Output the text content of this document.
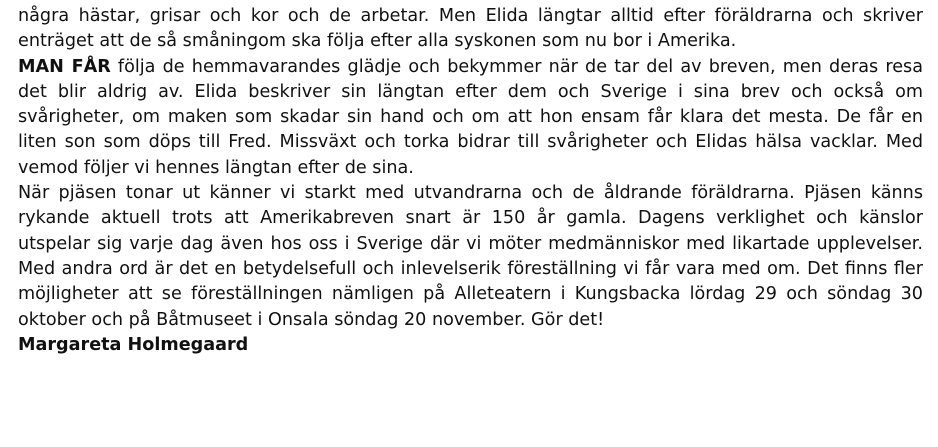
några hästar, grisar och kor och de arbetar. Men Elida längtar alltid efter föräldrarna och skriver enträget att de så småningom ska följa efter alla syskonen som nu bor i Amerika.

MAN FÅR följa de hemmavarandes glädje och bekymmer när de tar del av breven, men deras resa det blir aldrig av. Elida beskriver sin längtan efter dem och Sverige i sina brev och också om svårigheter, om maken som skadar sin hand och om att hon ensam får klara det mesta. De får en liten son som döps till Fred. Missväxt och torka bidrar till svårigheter och Elidas hälsa vacklar. Med vemod följer vi hennes längtan efter de sina.

När pjäsen tonar ut känner vi starkt med utvandrarna och de åldrande föräldrarna. Pjäsen känns rykande aktuell trots att Amerikabreven snart är 150 år gamla. Dagens verklighet och känslor utspelar sig varje dag även hos oss i Sverige där vi möter medmänniskor med likartade upplevelser. Med andra ord är det en betydelsefull och inlevelserik föreställning vi får vara med om. Det finns fler möjligheter att se föreställningen nämligen på Alleteatern i Kungsbacka lördag 29 och söndag 30 oktober och på Båtmuseet i Onsala söndag 20 november. Gör det!

Margareta Holmegaard
